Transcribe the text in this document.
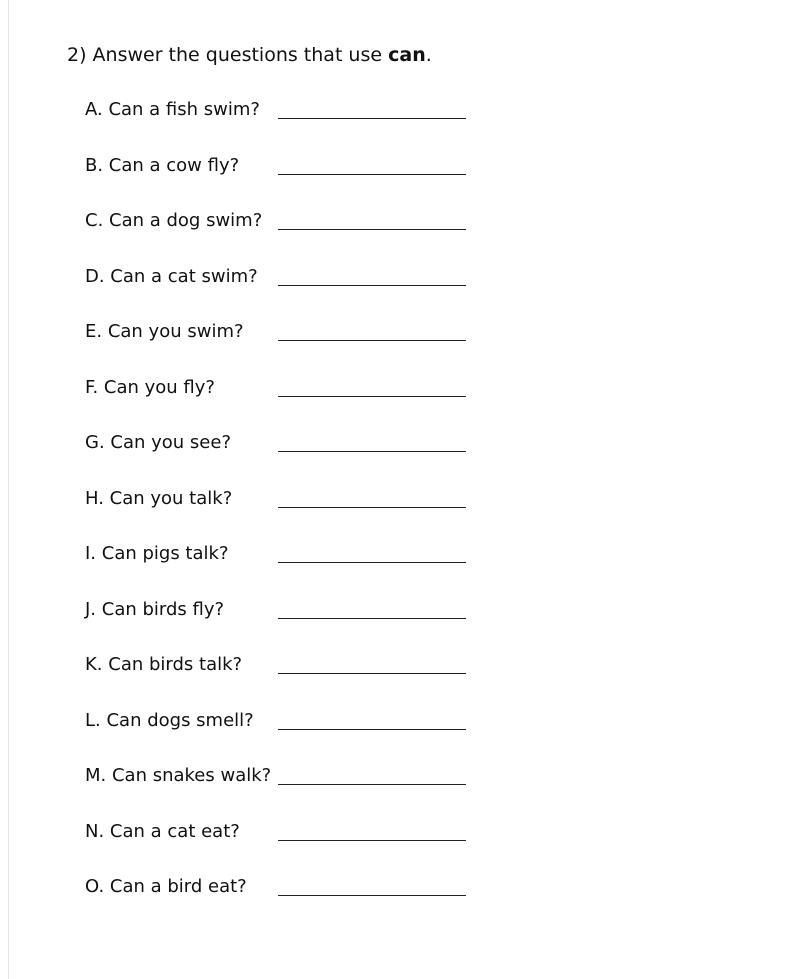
2) Answer the questions that use can.
A. Can a fish swim?
B. Can a cow fly?
C. Can a dog swim?
D. Can a cat swim?
E. Can you swim?
F. Can you fly?
G. Can you see?
H. Can you talk?
I. Can pigs talk?
J. Can birds fly?
K. Can birds talk?
L. Can dogs smell?
M. Can snakes walk?
N. Can a cat eat?
O. Can a bird eat?
